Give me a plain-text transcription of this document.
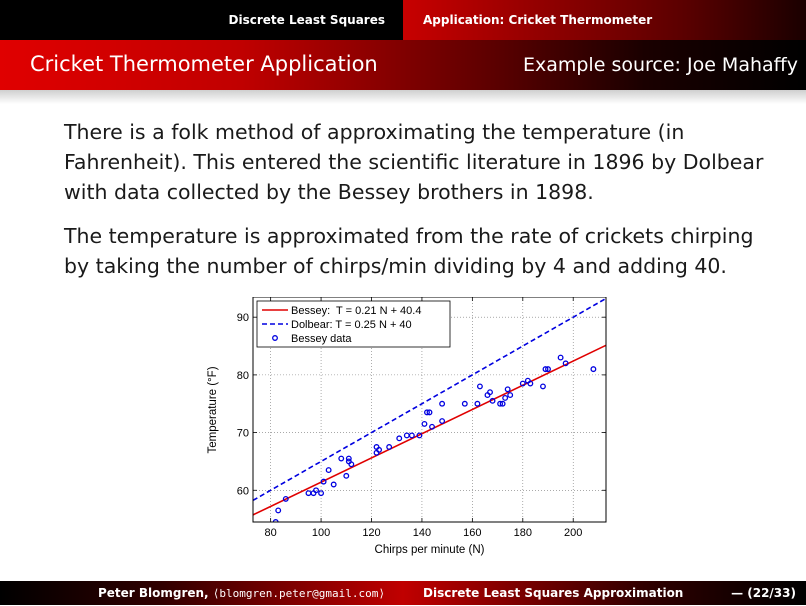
Discrete Least Squares	Application: Cricket Thermometer
Cricket Thermometer Application	Example source: Joe Mahaffy
There is a folk method of approximating the temperature (in Fahrenheit). This entered the scientific literature in 1896 by Dolbear with data collected by the Bessey brothers in 1898.
The temperature is approximated from the rate of crickets chirping by taking the number of chirps/min dividing by 4 and adding 40.
80	100	120	140	160	180	200
60
70
80
90
Chirps per minute (N)
Temperature (°F)
Bessey:  T = 0.21 N + 40.4
Dolbear: T = 0.25 N + 40
Bessey data
Peter Blomgren, ⟨blomgren.peter@gmail.com⟩	Discrete Least Squares Approximation	— (22/33)
